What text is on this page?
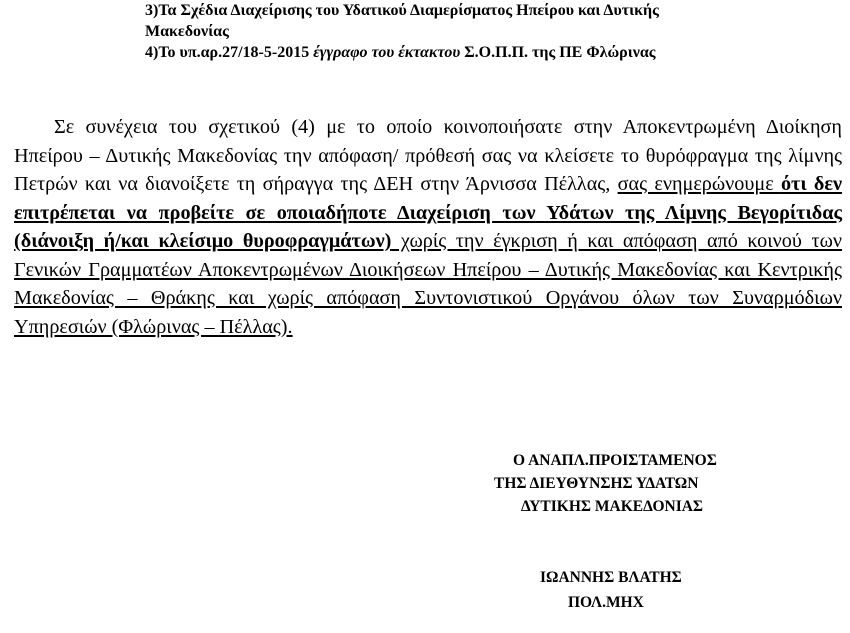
3)Τα Σχέδια Διαχείρισης του Υδατικού Διαμερίσματος Ηπείρου και Δυτικής
Μακεδονίας
4)Το υπ.αρ.27/18-5-2015 έγγραφο του έκτακτου Σ.Ο.Π.Π. της ΠΕ Φλώρινας

Σε συνέχεια του σχετικού (4) με το οποίο κοινοποιήσατε στην Αποκεντρωμένη Διοίκηση Ηπείρου – Δυτικής Μακεδονίας την απόφαση/ πρόθεσή σας να κλείσετε το θυρόφραγμα της λίμνης Πετρών και να διανοίξετε τη σήραγγα της ΔΕΗ στην Άρνισσα Πέλλας, σας ενημερώνουμε ότι δεν επιτρέπεται να προβείτε σε οποιαδήποτε Διαχείριση των Υδάτων της Λίμνης Βεγορίτιδας (διάνοιξη ή/και κλείσιμο θυροφραγμάτων) χωρίς την έγκριση ή και απόφαση από κοινού των Γενικών Γραμματέων Αποκεντρωμένων Διοικήσεων Ηπείρου – Δυτικής Μακεδονίας και Κεντρικής Μακεδονίας – Θράκης και χωρίς απόφαση Συντονιστικού Οργάνου όλων των Συναρμόδιων Υπηρεσιών (Φλώρινας – Πέλλας).

Ο ΑΝΑΠΛ.ΠΡΟΙΣΤΑΜΕΝΟΣ
ΤΗΣ ΔΙΕΥΘΥΝΣΗΣ ΥΔΑΤΩΝ
ΔΥΤΙΚΗΣ ΜΑΚΕΔΟΝΙΑΣ
ΙΩΑΝΝΗΣ ΒΛΑΤΗΣ
ΠΟΛ.ΜΗΧ
